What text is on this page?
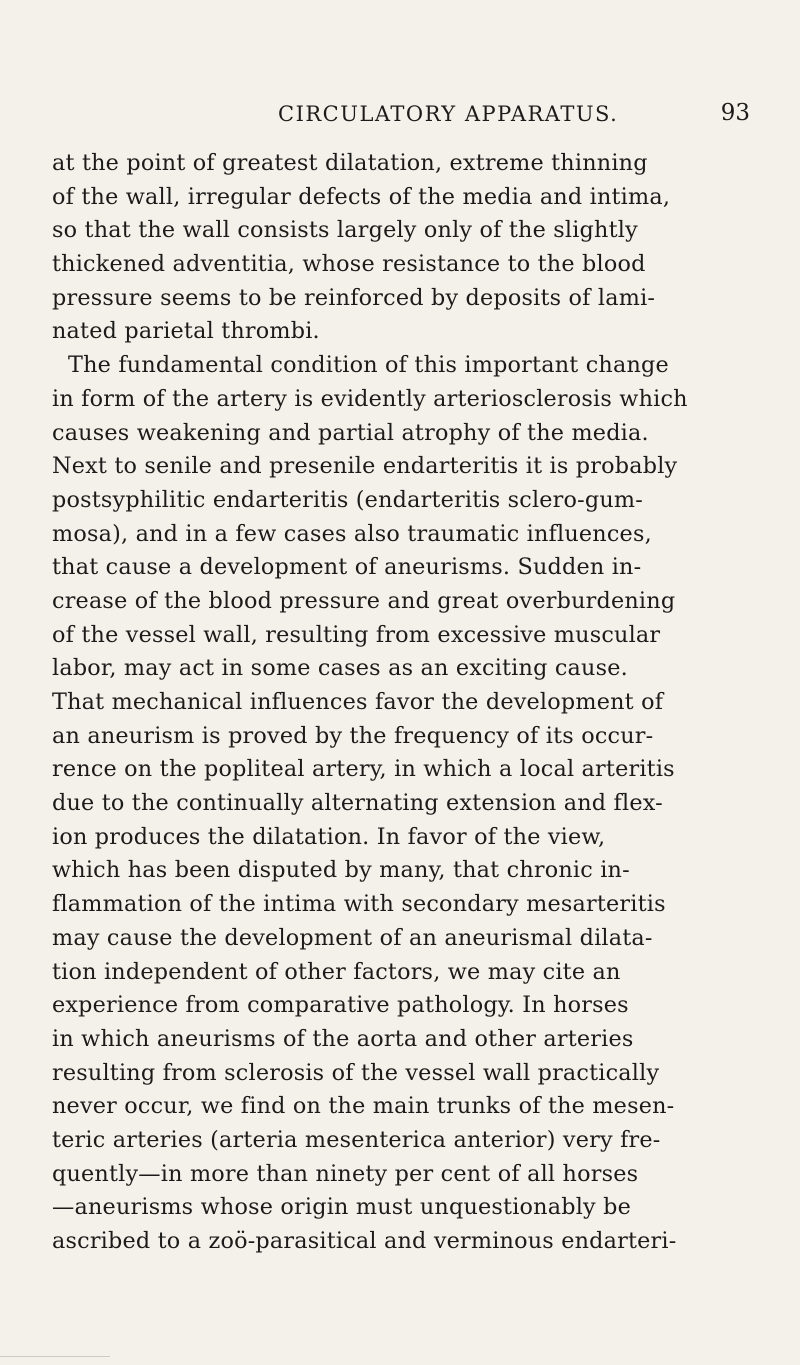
CIRCULATORY APPARATUS.	93
at the point of greatest dilatation, extreme thinning
of the wall, irregular defects of the media and intima,
so that the wall consists largely only of the slightly
thickened adventitia, whose resistance to the blood
pressure seems to be reinforced by deposits of lami-
nated parietal thrombi.
The fundamental condition of this important change
in form of the artery is evidently arteriosclerosis which
causes weakening and partial atrophy of the media.
Next to senile and presenile endarteritis it is probably
postsyphilitic endarteritis (endarteritis sclero-gum-
mosa), and in a few cases also traumatic influences,
that cause a development of aneurisms. Sudden in-
crease of the blood pressure and great overburdening
of the vessel wall, resulting from excessive muscular
labor, may act in some cases as an exciting cause.
That mechanical influences favor the development of
an aneurism is proved by the frequency of its occur-
rence on the popliteal artery, in which a local arteritis
due to the continually alternating extension and flex-
ion produces the dilatation. In favor of the view,
which has been disputed by many, that chronic in-
flammation of the intima with secondary mesarteritis
may cause the development of an aneurismal dilata-
tion independent of other factors, we may cite an
experience from comparative pathology. In horses
in which aneurisms of the aorta and other arteries
resulting from sclerosis of the vessel wall practically
never occur, we find on the main trunks of the mesen-
teric arteries (arteria mesenterica anterior) very fre-
quently—in more than ninety per cent of all horses
—aneurisms whose origin must unquestionably be
ascribed to a zoö-parasitical and verminous endarteri-
